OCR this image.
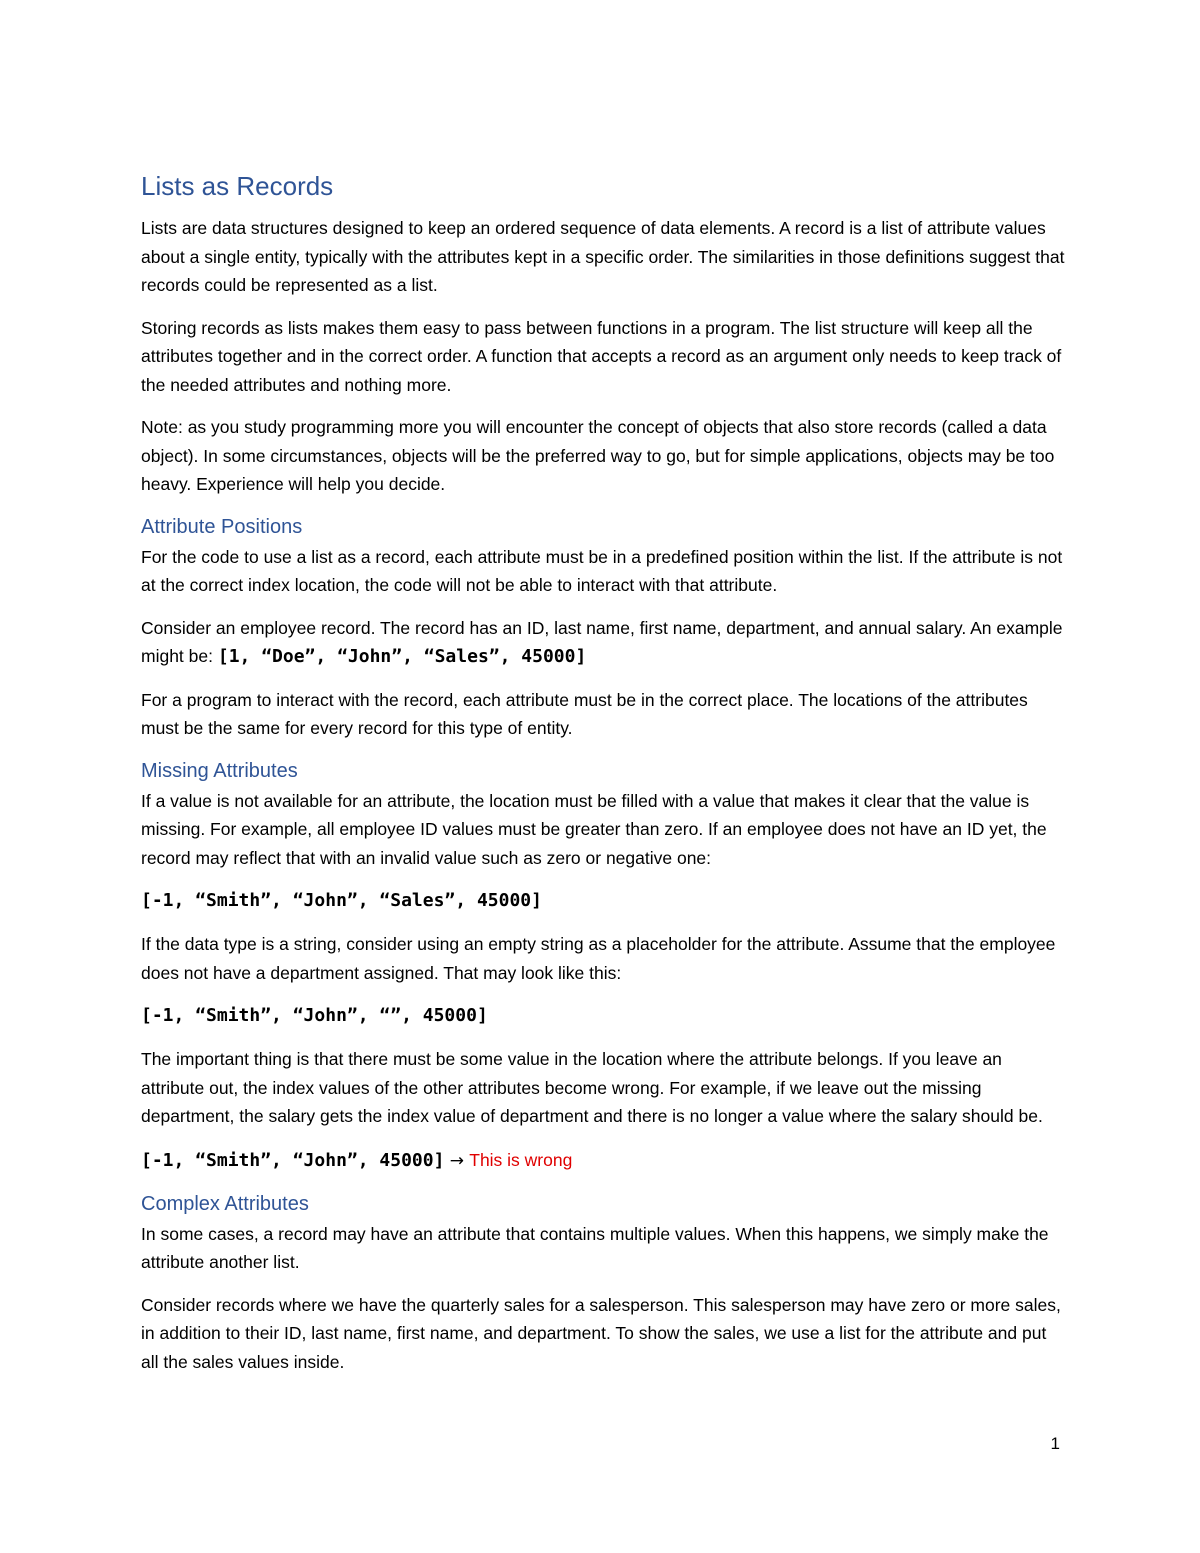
Lists as Records

Lists are data structures designed to keep an ordered sequence of data elements. A record is a list of attribute values about a single entity, typically with the attributes kept in a specific order. The similarities in those definitions suggest that records could be represented as a list.

Storing records as lists makes them easy to pass between functions in a program. The list structure will keep all the attributes together and in the correct order. A function that accepts a record as an argument only needs to keep track of the needed attributes and nothing more.

Note: as you study programming more you will encounter the concept of objects that also store records (called a data object). In some circumstances, objects will be the preferred way to go, but for simple applications, objects may be too heavy. Experience will help you decide.

Attribute Positions

For the code to use a list as a record, each attribute must be in a predefined position within the list. If the attribute is not at the correct index location, the code will not be able to interact with that attribute.

Consider an employee record. The record has an ID, last name, first name, department, and annual salary. An example might be: [1, “Doe”, “John”, “Sales”, 45000]

For a program to interact with the record, each attribute must be in the correct place. The locations of the attributes must be the same for every record for this type of entity.

Missing Attributes

If a value is not available for an attribute, the location must be filled with a value that makes it clear that the value is missing. For example, all employee ID values must be greater than zero. If an employee does not have an ID yet, the record may reflect that with an invalid value such as zero or negative one:

[-1, “Smith”, “John”, “Sales”, 45000]

If the data type is a string, consider using an empty string as a placeholder for the attribute. Assume that the employee does not have a department assigned. That may look like this:

[-1, “Smith”, “John”, “”, 45000]

The important thing is that there must be some value in the location where the attribute belongs. If you leave an attribute out, the index values of the other attributes become wrong. For example, if we leave out the missing department, the salary gets the index value of department and there is no longer a value where the salary should be.

[-1, “Smith”, “John”, 45000] → This is wrong

Complex Attributes

In some cases, a record may have an attribute that contains multiple values. When this happens, we simply make the attribute another list.

Consider records where we have the quarterly sales for a salesperson. This salesperson may have zero or more sales, in addition to their ID, last name, first name, and department. To show the sales, we use a list for the attribute and put all the sales values inside.

1
